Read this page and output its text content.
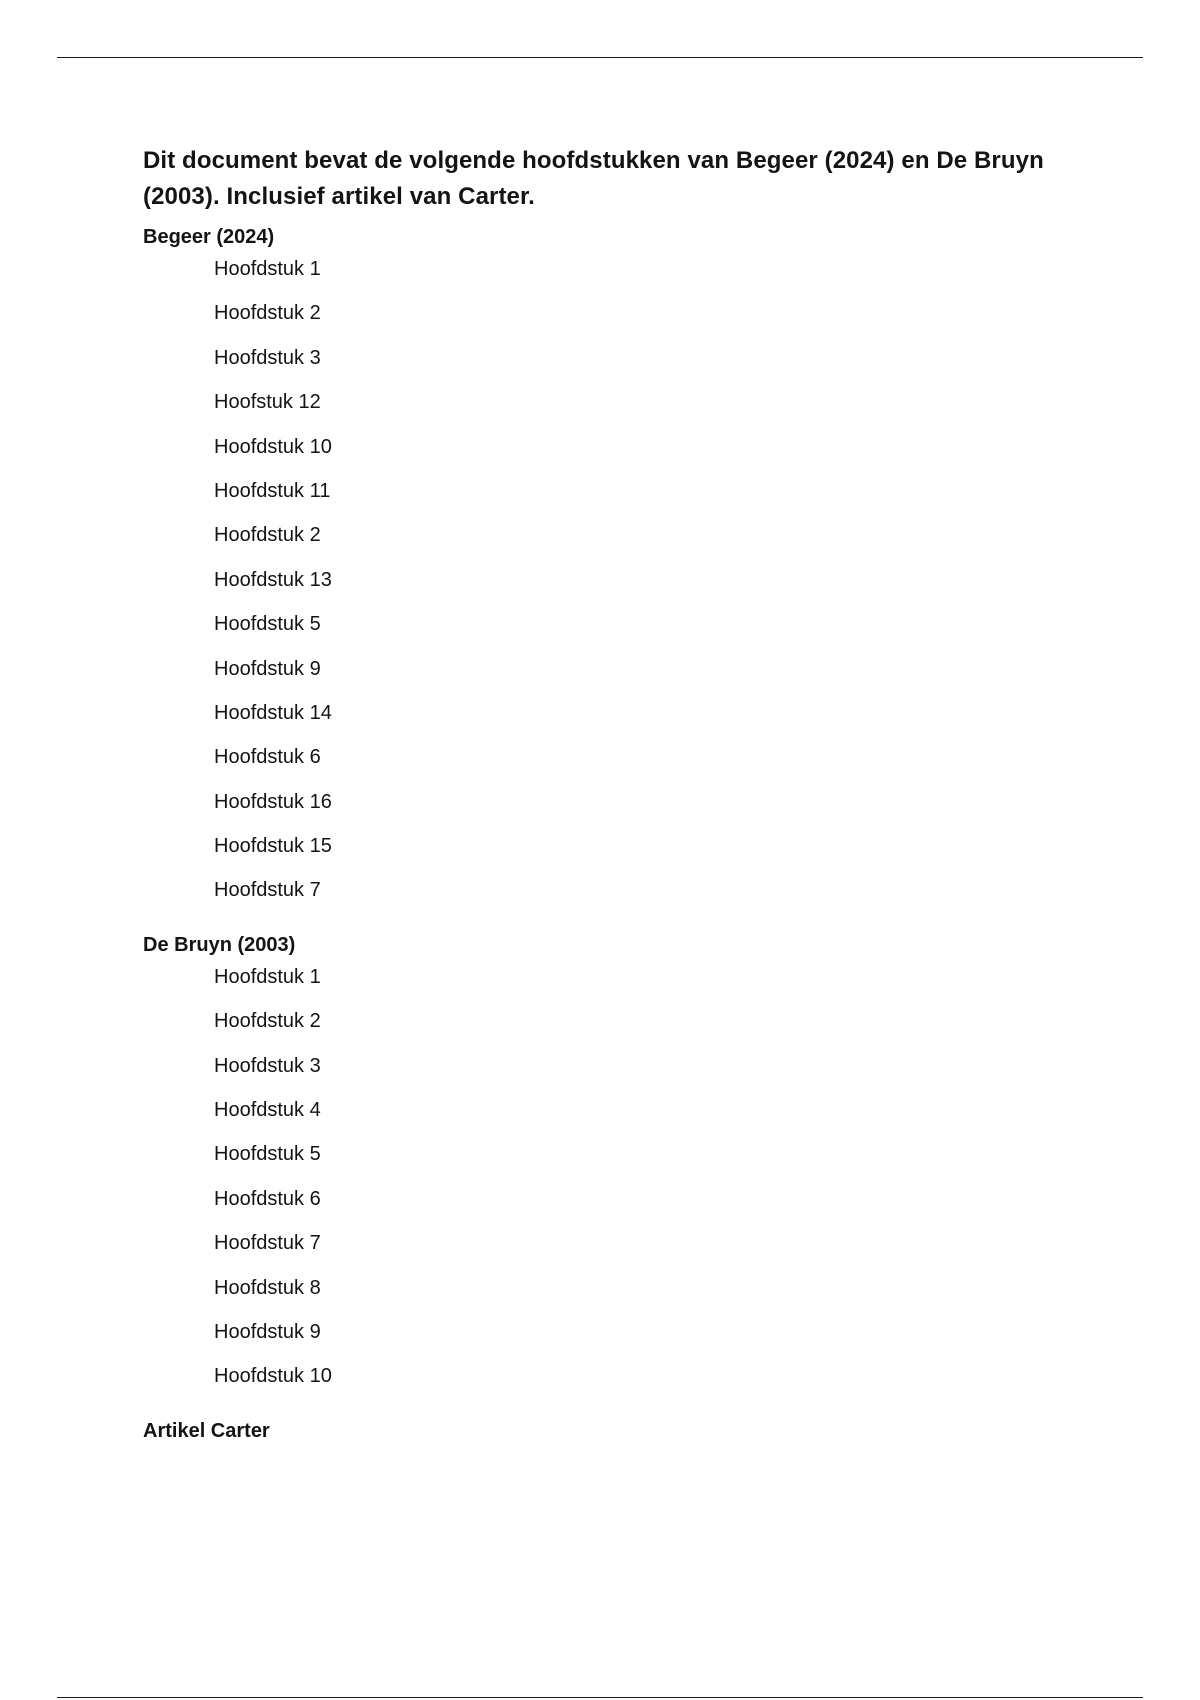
Dit document bevat de volgende hoofdstukken van Begeer (2024) en De Bruyn (2003). Inclusief artikel van Carter.
Begeer (2024)
Hoofdstuk 1
Hoofdstuk 2
Hoofdstuk 3
Hoofstuk 12
Hoofdstuk 10
Hoofdstuk 11
Hoofdstuk 2
Hoofdstuk 13
Hoofdstuk 5
Hoofdstuk 9
Hoofdstuk 14
Hoofdstuk 6
Hoofdstuk 16
Hoofdstuk 15
Hoofdstuk 7
De Bruyn (2003)
Hoofdstuk 1
Hoofdstuk 2
Hoofdstuk 3
Hoofdstuk 4
Hoofdstuk 5
Hoofdstuk 6
Hoofdstuk 7
Hoofdstuk 8
Hoofdstuk 9
Hoofdstuk 10
Artikel Carter
